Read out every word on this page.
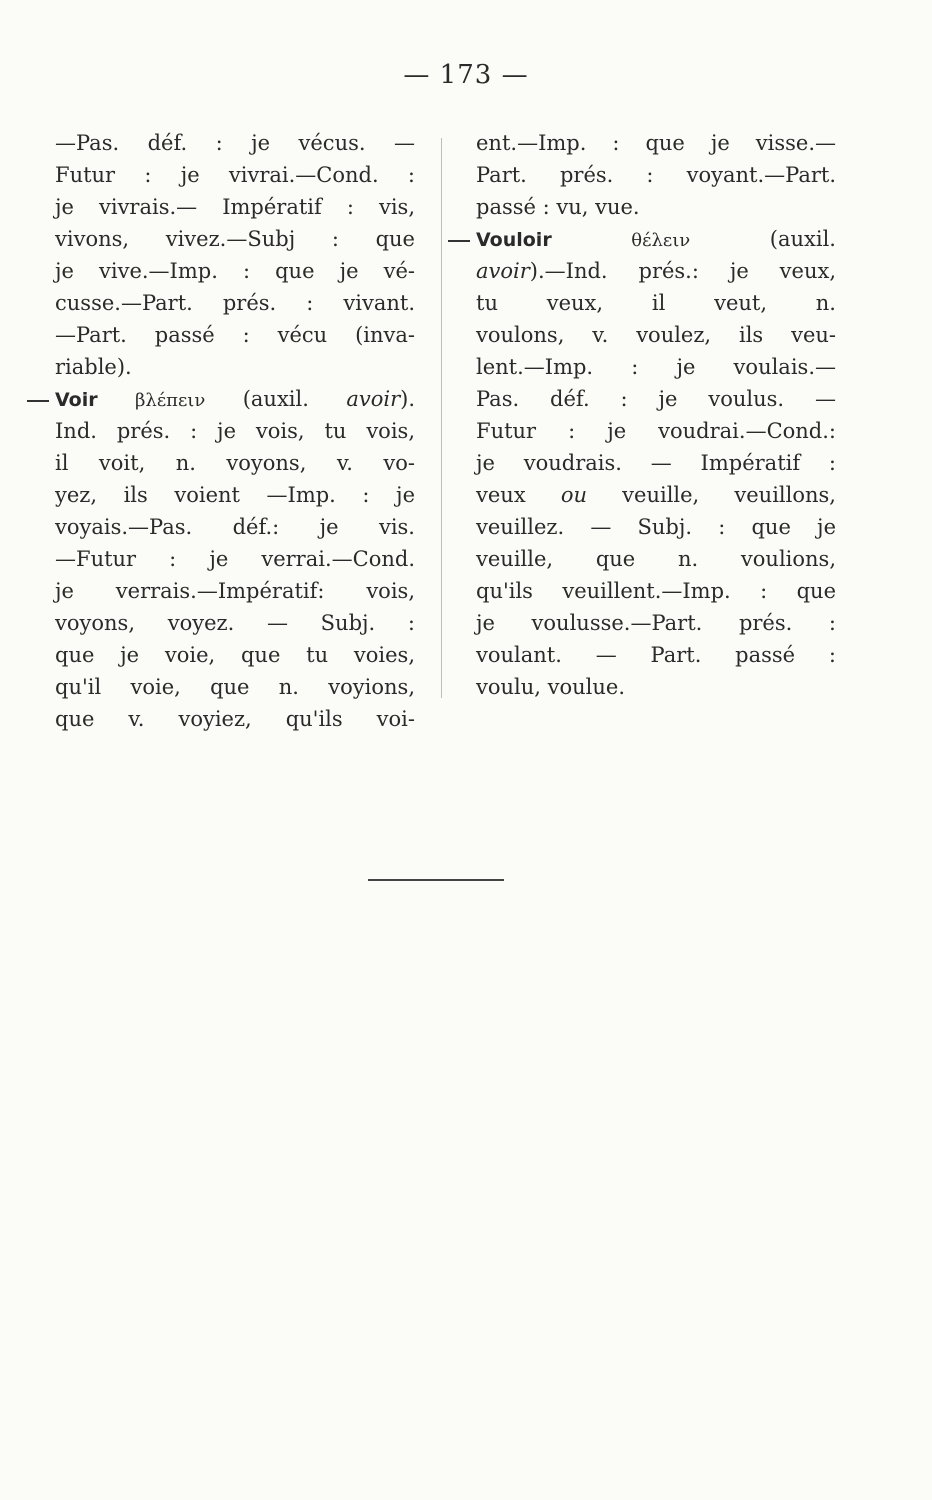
— 173 —
—Pas. déf. : je vécus. —
Futur : je vivrai.—Cond. :
je vivrais.— Impératif : vis,
vivons, vivez.—Subj : que
je vive.—Imp. : que je vé-
cusse.—Part. prés. : vivant.
—Part. passé : vécu (inva-
riable).
Voir βλέπειν (auxil. avoir).
Ind. prés. : je vois, tu vois,
il voit, n. voyons, v. vo-
yez, ils voient —Imp. : je
voyais.—Pas. déf.: je vis.
—Futur : je verrai.—Cond.
je verrais.—Impératif: vois,
voyons, voyez. — Subj. :
que je voie, que tu voies,
qu'il voie, que n. voyions,
que v. voyiez, qu'ils voi-
ent.—Imp. : que je visse.—
Part. prés. : voyant.—Part.
passé : vu, vue.
Vouloir	θέλειν	(auxil.
avoir).—Ind. prés.: je veux,
tu veux, il veut, n.
voulons, v. voulez, ils veu-
lent.—Imp. : je voulais.—
Pas. déf. : je voulus. —
Futur : je voudrai.—Cond.:
je voudrais. — Impératif :
veux ou veuille, veuillons,
veuillez. — Subj. : que je
veuille, que n. voulions,
qu'ils veuillent.—Imp. : que
je voulusse.—Part. prés. :
voulant. — Part. passé :
voulu, voulue.
